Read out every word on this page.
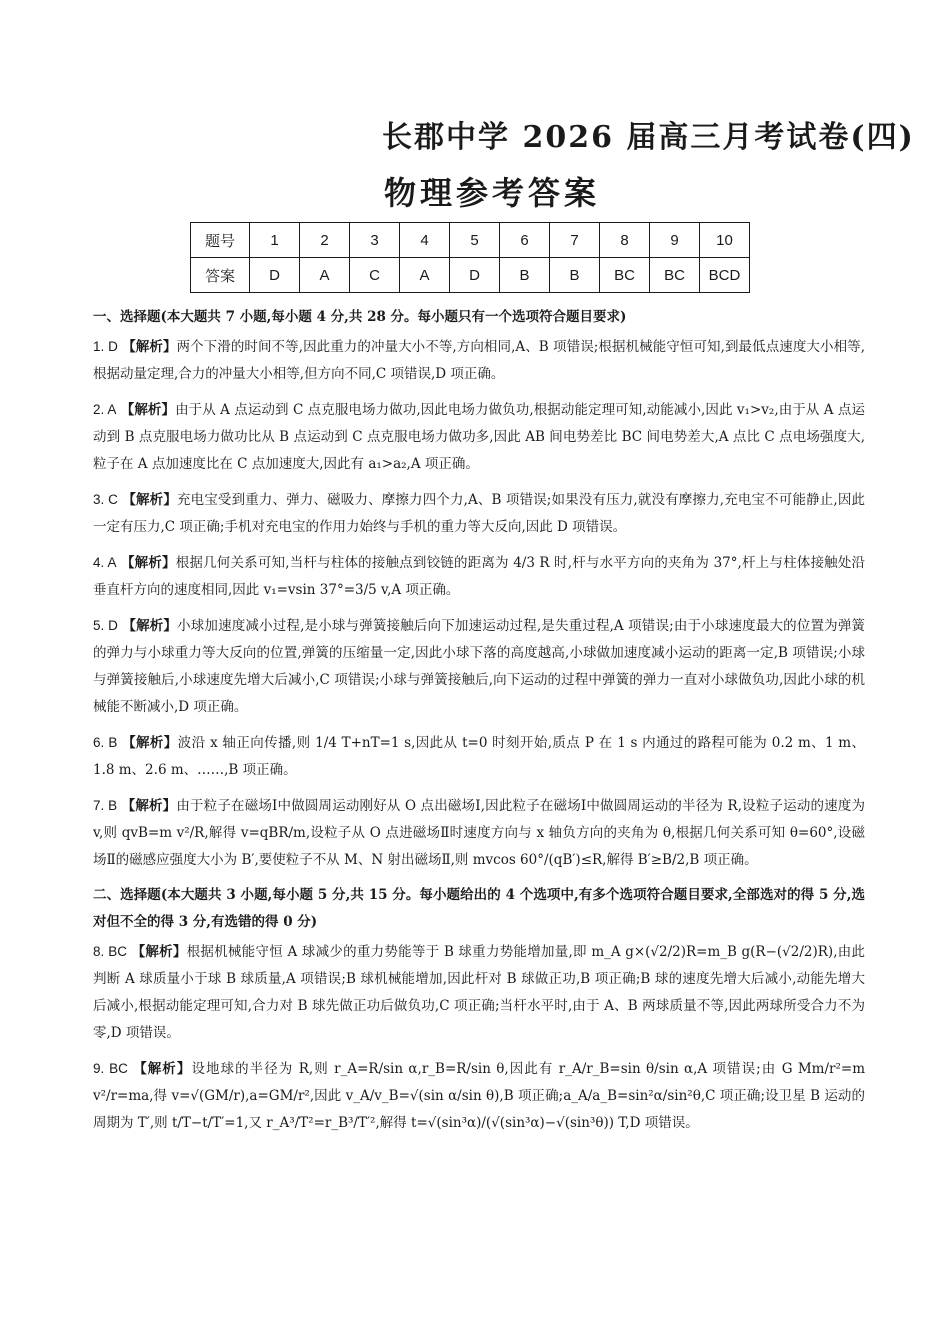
长郡中学 2026 届高三月考试卷(四)
物理参考答案
题号	1	2	3	4	5	6	7	8	9	10
答案	D	A	C	A	D	B	B	BC	BC	BCD
一、选择题(本大题共 7 小题,每小题 4 分,共 28 分。每小题只有一个选项符合题目要求)

1. D 【解析】两个下滑的时间不等,因此重力的冲量大小不等,方向相同,A、B 项错误;根据机械能守恒可知,到最低点速度大小相等,根据动量定理,合力的冲量大小相等,但方向不同,C 项错误,D 项正确。

2. A 【解析】由于从 A 点运动到 C 点克服电场力做功,因此电场力做负功,根据动能定理可知,动能减小,因此 v₁>v₂,由于从 A 点运动到 B 点克服电场力做功比从 B 点运动到 C 点克服电场力做功多,因此 AB 间电势差比 BC 间电势差大,A 点比 C 点电场强度大,粒子在 A 点加速度比在 C 点加速度大,因此有 a₁>a₂,A 项正确。

3. C 【解析】充电宝受到重力、弹力、磁吸力、摩擦力四个力,A、B 项错误;如果没有压力,就没有摩擦力,充电宝不可能静止,因此一定有压力,C 项正确;手机对充电宝的作用力始终与手机的重力等大反向,因此 D 项错误。

4. A 【解析】根据几何关系可知,当杆与柱体的接触点到铰链的距离为 4/3 R 时,杆与水平方向的夹角为 37°,杆上与柱体接触处沿垂直杆方向的速度相同,因此 v₁=vsin 37°=3/5 v,A 项正确。

5. D 【解析】小球加速度减小过程,是小球与弹簧接触后向下加速运动过程,是失重过程,A 项错误;由于小球速度最大的位置为弹簧的弹力与小球重力等大反向的位置,弹簧的压缩量一定,因此小球下落的高度越高,小球做加速度减小运动的距离一定,B 项错误;小球与弹簧接触后,小球速度先增大后减小,C 项错误;小球与弹簧接触后,向下运动的过程中弹簧的弹力一直对小球做负功,因此小球的机械能不断减小,D 项正确。

6. B 【解析】波沿 x 轴正向传播,则 1/4 T+nT=1 s,因此从 t=0 时刻开始,质点 P 在 1 s 内通过的路程可能为 0.2 m、1 m、1.8 m、2.6 m、……,B 项正确。

7. B 【解析】由于粒子在磁场Ⅰ中做圆周运动刚好从 O 点出磁场Ⅰ,因此粒子在磁场Ⅰ中做圆周运动的半径为 R,设粒子运动的速度为 v,则 qvB=m v²/R,解得 v=qBR/m,设粒子从 O 点进磁场Ⅱ时速度方向与 x 轴负方向的夹角为 θ,根据几何关系可知 θ=60°,设磁场Ⅱ的磁感应强度大小为 B′,要使粒子不从 M、N 射出磁场Ⅱ,则 mvcos 60°/(qB′)≤R,解得 B′≥B/2,B 项正确。

二、选择题(本大题共 3 小题,每小题 5 分,共 15 分。每小题给出的 4 个选项中,有多个选项符合题目要求,全部选对的得 5 分,选对但不全的得 3 分,有选错的得 0 分)

8. BC 【解析】根据机械能守恒 A 球减少的重力势能等于 B 球重力势能增加量,即 m_A g×(√2/2)R=m_B g(R−(√2/2)R),由此判断 A 球质量小于球 B 球质量,A 项错误;B 球机械能增加,因此杆对 B 球做正功,B 项正确;B 球的速度先增大后减小,动能先增大后减小,根据动能定理可知,合力对 B 球先做正功后做负功,C 项正确;当杆水平时,由于 A、B 两球质量不等,因此两球所受合力不为零,D 项错误。

9. BC 【解析】设地球的半径为 R,则 r_A=R/sin α,r_B=R/sin θ,因此有 r_A/r_B=sin θ/sin α,A 项错误;由 G Mm/r²=m v²/r=ma,得 v=√(GM/r),a=GM/r²,因此 v_A/v_B=√(sin α/sin θ),B 项正确;a_A/a_B=sin²α/sin²θ,C 项正确;设卫星 B 运动的周期为 T′,则 t/T−t/T′=1,又 r_A³/T²=r_B³/T′²,解得 t=√(sin³α)/(√(sin³α)−√(sin³θ)) T,D 项错误。
